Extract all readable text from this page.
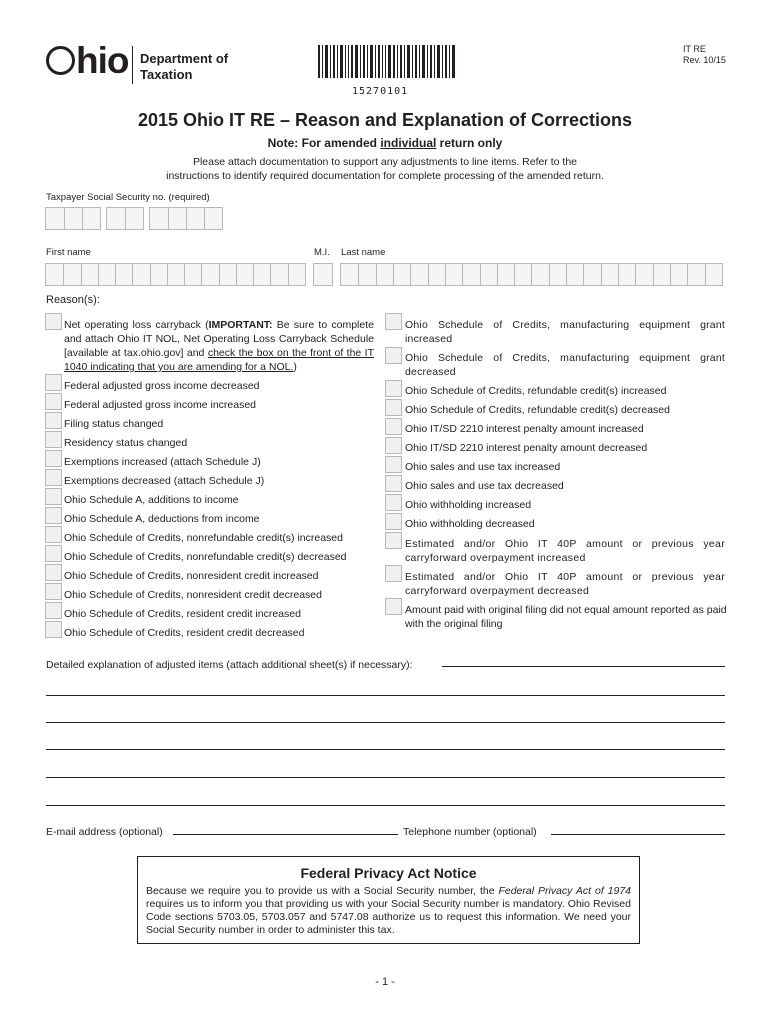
hio Department of
Taxation
15270101
IT RE
Rev. 10/15
2015 Ohio IT RE – Reason and Explanation of Corrections
Note: For amended individual return only
Please attach documentation to support any adjustments to line items. Refer to the
instructions to identify required documentation for complete processing of the amended return.
Taxpayer Social Security no. (required)
First name	M.I. Last name
Reason(s):
Net operating loss carryback (IMPORTANT: Be sure to complete and attach Ohio IT NOL, Net Operating Loss Carryback Schedule [available at tax.ohio.gov] and check the box on the front of the IT 1040 indicating that you are amending for a NOL.)
Federal adjusted gross income decreased
Federal adjusted gross income increased
Filing status changed
Residency status changed
Exemptions increased (attach Schedule J)
Exemptions decreased (attach Schedule J)
Ohio Schedule A, additions to income
Ohio Schedule A, deductions from income
Ohio Schedule of Credits, nonrefundable credit(s) increased
Ohio Schedule of Credits, nonrefundable credit(s) decreased
Ohio Schedule of Credits, nonresident credit increased
Ohio Schedule of Credits, nonresident credit decreased
Ohio Schedule of Credits, resident credit increased
Ohio Schedule of Credits, resident credit decreased
Ohio Schedule of Credits, manufacturing equipment grant increased
Ohio Schedule of Credits, manufacturing equipment grant decreased
Ohio Schedule of Credits, refundable credit(s) increased
Ohio Schedule of Credits, refundable credit(s) decreased
Ohio IT/SD 2210 interest penalty amount increased
Ohio IT/SD 2210 interest penalty amount decreased
Ohio sales and use tax increased
Ohio sales and use tax decreased
Ohio withholding increased
Ohio withholding decreased
Estimated and/or Ohio IT 40P amount or previous year carryforward overpayment increased
Estimated and/or Ohio IT 40P amount or previous year carryforward overpayment decreased
Amount paid with original filing did not equal amount reported as paid with the original filing
Detailed explanation of adjusted items (attach additional sheet(s) if necessary):
E-mail address (optional)	Telephone number (optional)
Federal Privacy Act Notice
Because we require you to provide us with a Social Security number, the Federal Privacy Act of 1974 requires us to inform you that providing us with your Social Security number is mandatory. Ohio Revised Code sections 5703.05, 5703.057 and 5747.08 authorize us to request this information. We need your Social Security number in order to administer this tax.
- 1 -
